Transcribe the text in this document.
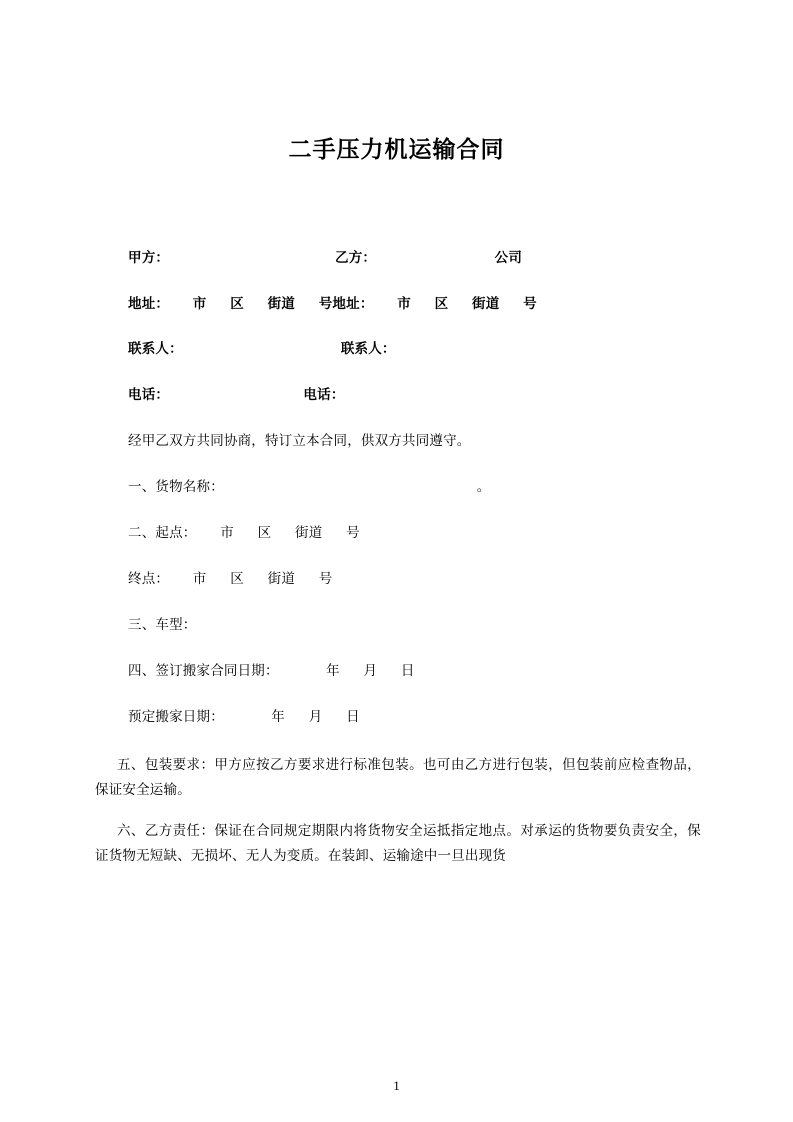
二手压力机运输合同
甲方：                                          乙方：                              公司
地址：      市      区      街道      号地址：      市      区      街道      号
联系人：                                        联系人：
电话：                                  电话：
经甲乙双方共同协商，特订立本合同，供双方共同遵守。
一、货物名称：                                                                。
二、起点：      市      区      街道      号
终点：      市      区      街道      号
三、车型：
四、签订搬家合同日期：            年      月      日
预定搬家日期：            年      月      日
五、包装要求：甲方应按乙方要求进行标准包装。也可由乙方进行包装，但包装前应检查物品，保证安全运输。
六、乙方责任：保证在合同规定期限内将货物安全运抵指定地点。对承运的货物要负责安全，保证货物无短缺、无损坏、无人为变质。在装卸、运输途中一旦出现货
1
